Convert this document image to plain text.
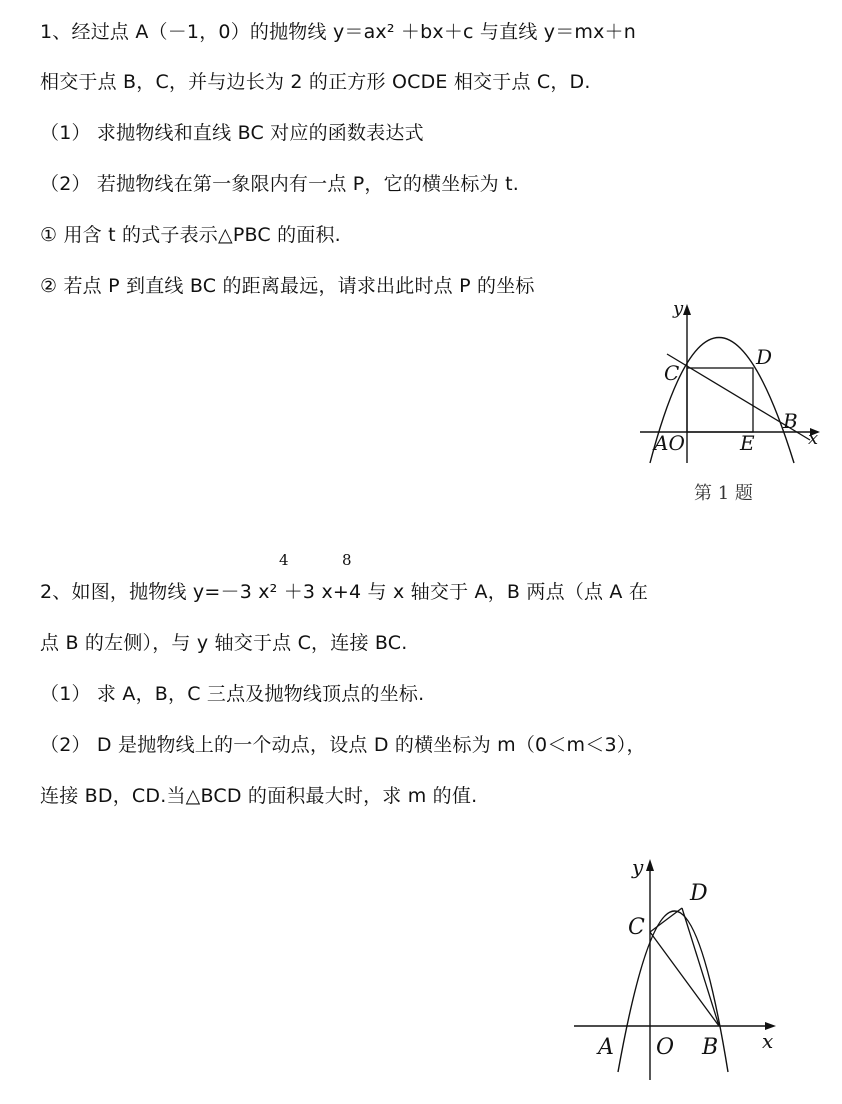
1、经过点 A（－1，0）的抛物线 y＝ax² ＋bx＋c 与直线 y＝mx＋n
相交于点 B，C，并与边长为 2 的正方形 OCDE 相交于点 C，D.
（1） 求抛物线和直线 BC 对应的函数表达式
（2） 若抛物线在第一象限内有一点 P，它的横坐标为 t.
① 用含 t 的式子表示△PBC 的面积.
② 若点 P 到直线 BC 的距离最远，请求出此时点 P 的坐标
y
x
C
D
B
E
AO
第 1 题
4	8
2、如图，抛物线 y=－3 x² ＋3 x+4 与 x 轴交于 A，B 两点（点 A 在
点 B 的左侧），与 y 轴交于点 C，连接 BC.
（1） 求 A，B，C 三点及抛物线顶点的坐标.
（2） D 是抛物线上的一个动点，设点 D 的横坐标为 m（0＜m＜3），
连接 BD，CD.当△BCD 的面积最大时，求 m 的值.
y
x
C
D
A O B
